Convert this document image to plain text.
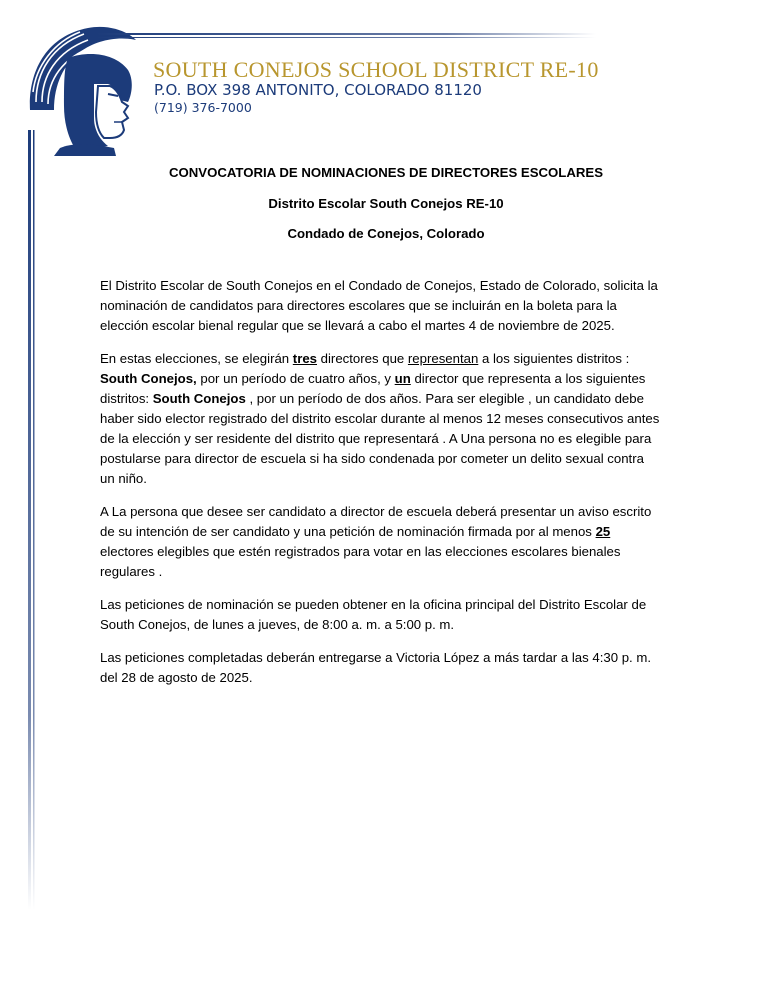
SOUTH CONEJOS SCHOOL DISTRICT RE-10
P.O. BOX 398 ANTONITO, COLORADO 81120
(719) 376-7000
CONVOCATORIA DE NOMINACIONES DE DIRECTORES ESCOLARES
Distrito Escolar South Conejos RE-10
Condado de Conejos, Colorado

El Distrito Escolar de South Conejos en el Condado de Conejos, Estado de Colorado, solicita la nominación de candidatos para directores escolares que se incluirán en la boleta para la elección escolar bienal regular que se llevará a cabo el martes 4 de noviembre de 2025.

En estas elecciones, se elegirán tres directores que representan a los siguientes distritos : South Conejos, por un período de cuatro años, y un director que representa a los siguientes distritos: South Conejos , por un período de dos años. Para ser elegible , un candidato debe haber sido elector registrado del distrito escolar durante al menos 12 meses consecutivos antes de la elección y ser residente del distrito que representará . A Una persona no es elegible para postularse para director de escuela si ha sido condenada por cometer un delito sexual contra un niño.

A La persona que desee ser candidato a director de escuela deberá presentar un aviso escrito de su intención de ser candidato y una petición de nominación firmada por al menos 25 electores elegibles que estén registrados para votar en las elecciones escolares bienales regulares .

Las peticiones de nominación se pueden obtener en la oficina principal del Distrito Escolar de South Conejos, de lunes a jueves, de 8:00 a. m. a 5:00 p. m.

Las peticiones completadas deberán entregarse a Victoria López a más tardar a las 4:30 p. m. del 28 de agosto de 2025.
